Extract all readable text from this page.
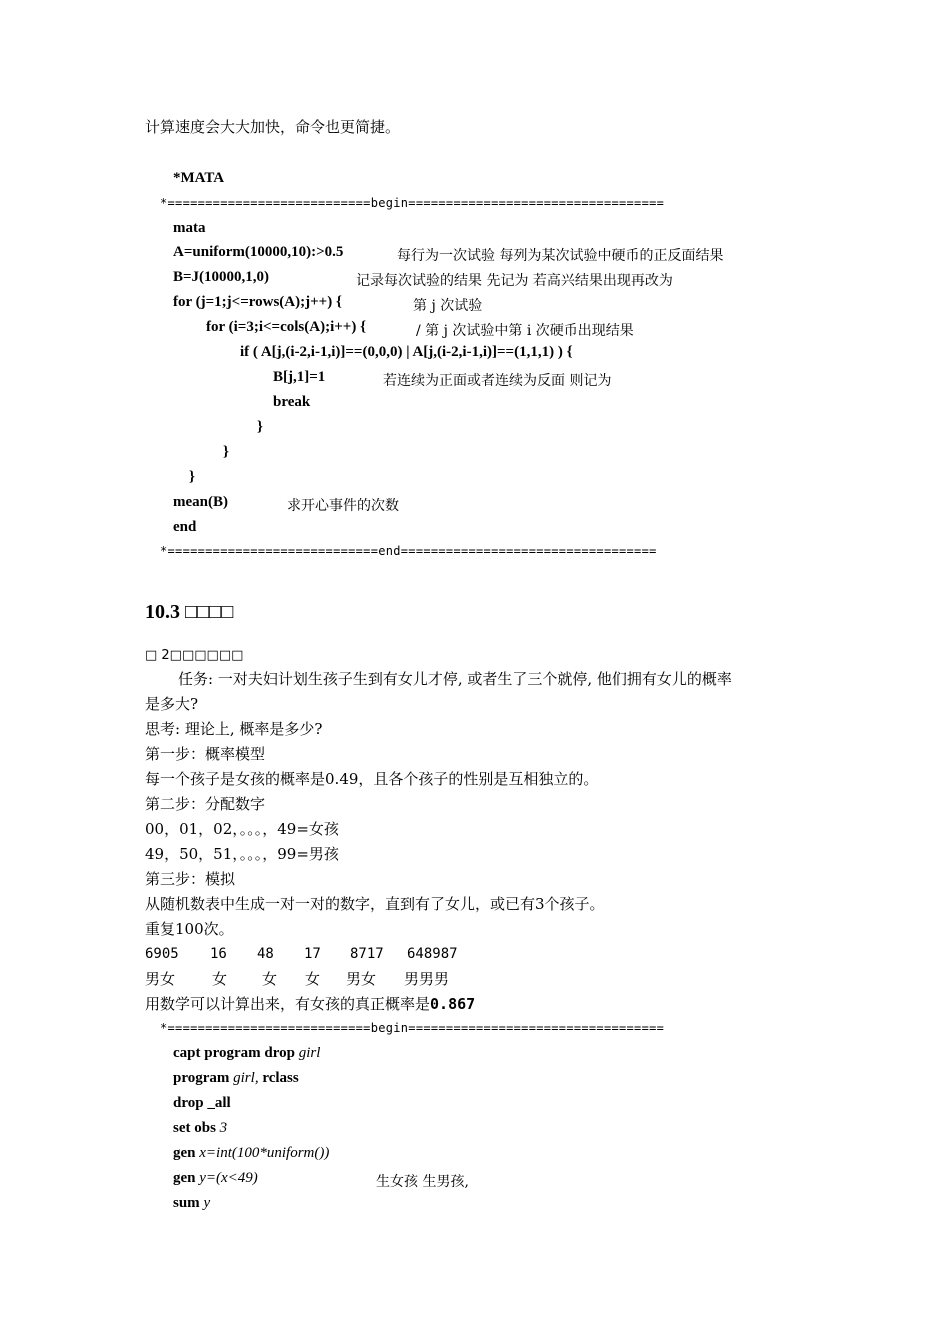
计算速度会大大加快，命令也更简捷。
*MATA
*===========================begin==================================
mata
A=uniform(10000,10):>0.5	每行为一次试验 每列为某次试验中硬币的正反面结果
B=J(10000,1,0)	记录每次试验的结果 先记为 若高兴结果出现再改为
for (j=1;j<=rows(A);j++) {	第 j 次试验
for (i=3;i<=cols(A);i++) {	/ 第 j 次试验中第 i 次硬币出现结果
if ( A[j,(i-2,i-1,i)]==(0,0,0) | A[j,(i-2,i-1,i)]==(1,1,1) ) {
B[j,1]=1	若连续为正面或者连续为反面 则记为
break
}
}
}
mean(B)	求开心事件的次数
end
*============================end==================================
10.3 □□□□
□ 2□□□□□□
任务: 一对夫妇计划生孩子生到有女儿才停, 或者生了三个就停, 他们拥有女儿的概率
是多大?
思考: 理论上, 概率是多少?
第一步：概率模型
每一个孩子是女孩的概率是0.49，且各个孩子的性别是互相独立的。
第二步：分配数字
00，01，02，。。。，49=女孩
49，50，51，。。。，99=男孩
第三步：模拟
从随机数表中生成一对一对的数字，直到有了女儿，或已有3个孩子。
重复100次。
6905 16 48 17 8717 648987
男女 女 女 女 男女 男男男
用数学可以计算出来，有女孩的真正概率是0.867
*===========================begin==================================
capt program drop girl
program girl, rclass
drop _all
set obs 3
gen x=int(100*uniform())
gen y=(x<49)	生女孩 生男孩,
sum y
